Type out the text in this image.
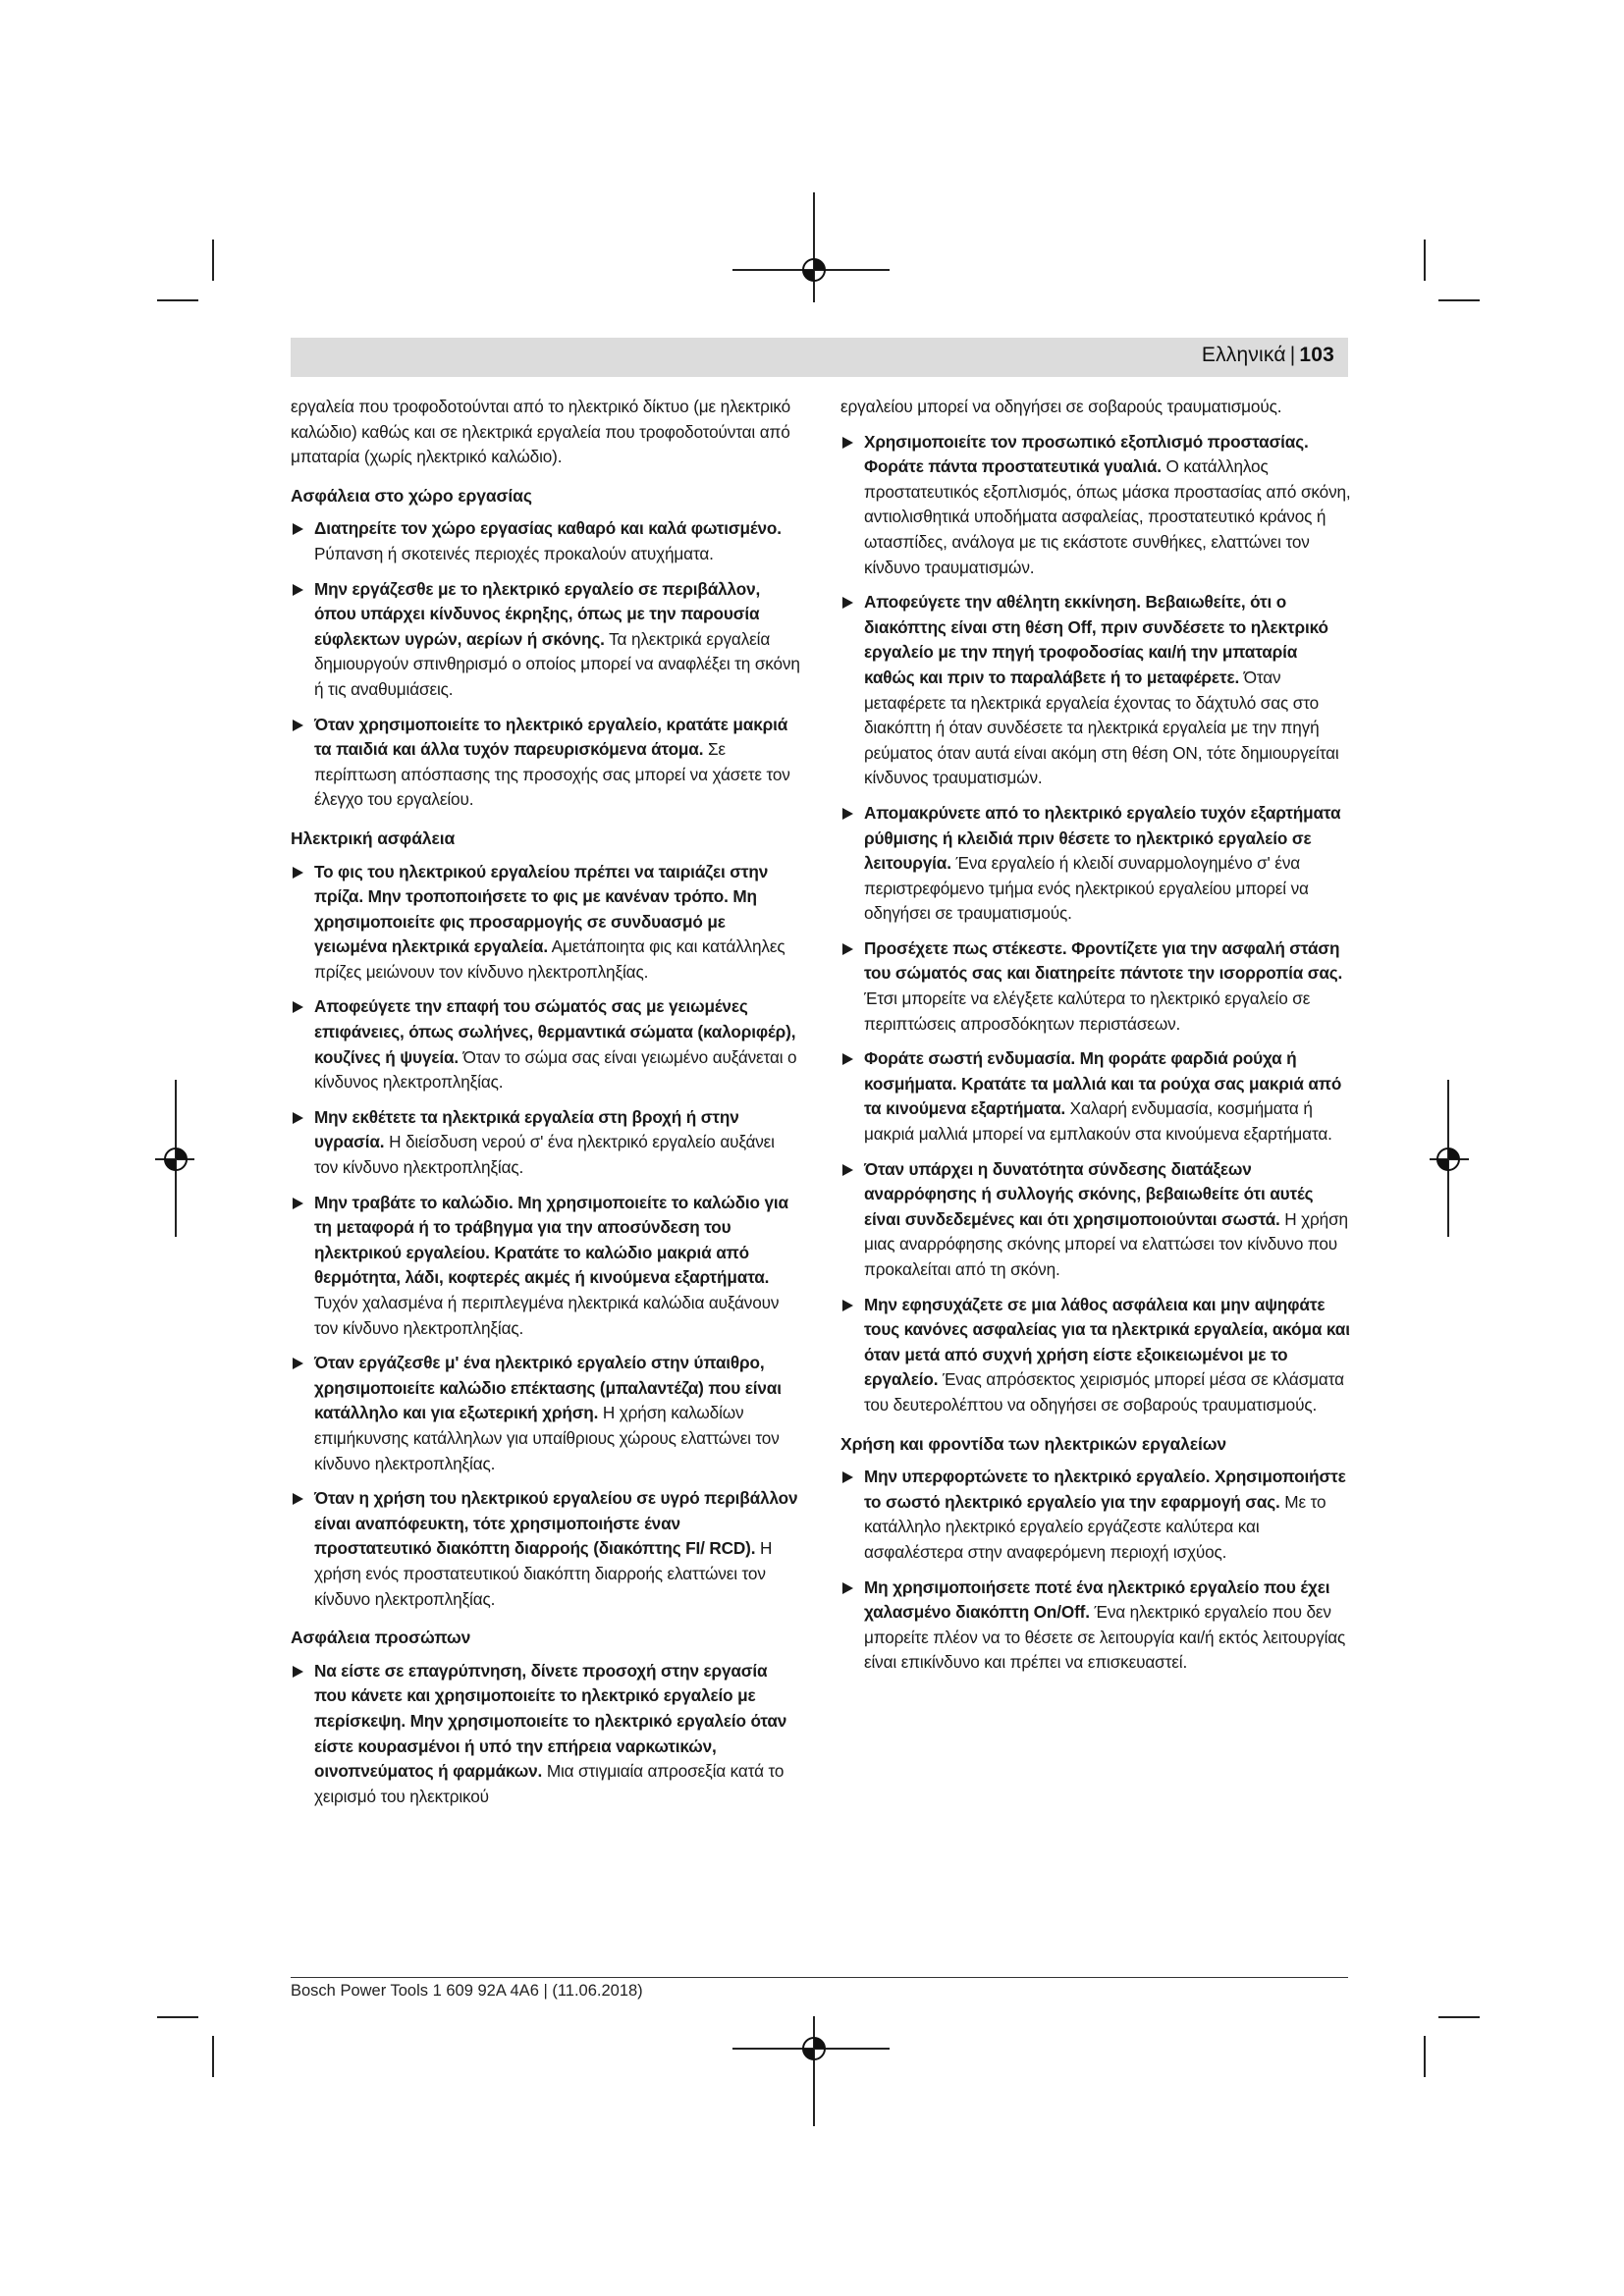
Ελληνικά | 103

εργαλεία που τροφοδοτούνται από το ηλεκτρικό δίκτυο (με ηλεκτρικό καλώδιο) καθώς και σε ηλεκτρικά εργαλεία που τροφοδοτούνται από μπαταρία (χωρίς ηλεκτρικό καλώδιο).

Ασφάλεια στο χώρο εργασίας
Διατηρείτε τον χώρο εργασίας καθαρό και καλά φωτισμένο. Ρύπανση ή σκοτεινές περιοχές προκαλούν ατυχήματα.
Μην εργάζεσθε με το ηλεκτρικό εργαλείο σε περιβάλλον, όπου υπάρχει κίνδυνος έκρηξης, όπως με την παρουσία εύφλεκτων υγρών, αερίων ή σκόνης. Τα ηλεκτρικά εργαλεία δημιουργούν σπινθηρισμό ο οποίος μπορεί να αναφλέξει τη σκόνη ή τις αναθυμιάσεις.
Όταν χρησιμοποιείτε το ηλεκτρικό εργαλείο, κρατάτε μακριά τα παιδιά και άλλα τυχόν παρευρισκόμενα άτομα. Σε περίπτωση απόσπασης της προσοχής σας μπορεί να χάσετε τον έλεγχο του εργαλείου.
Ηλεκτρική ασφάλεια
Το φις του ηλεκτρικού εργαλείου πρέπει να ταιριάζει στην πρίζα. Μην τροποποιήσετε το φις με κανέναν τρόπο. Μη χρησιμοποιείτε φις προσαρμογής σε συνδυασμό με γειωμένα ηλεκτρικά εργαλεία. Αμετάποιητα φις και κατάλληλες πρίζες μειώνουν τον κίνδυνο ηλεκτροπληξίας.
Αποφεύγετε την επαφή του σώματός σας με γειωμένες επιφάνειες, όπως σωλήνες, θερμαντικά σώματα (καλοριφέρ), κουζίνες ή ψυγεία. Όταν το σώμα σας είναι γειωμένο αυξάνεται ο κίνδυνος ηλεκτροπληξίας.
Μην εκθέτετε τα ηλεκτρικά εργαλεία στη βροχή ή στην υγρασία. Η διείσδυση νερού σ' ένα ηλεκτρικό εργαλείο αυξάνει τον κίνδυνο ηλεκτροπληξίας.
Μην τραβάτε το καλώδιο. Μη χρησιμοποιείτε το καλώδιο για τη μεταφορά ή το τράβηγμα για την αποσύνδεση του ηλεκτρικού εργαλείου. Κρατάτε το καλώδιο μακριά από θερμότητα, λάδι, κοφτερές ακμές ή κινούμενα εξαρτήματα. Τυχόν χαλασμένα ή περιπλεγμένα ηλεκτρικά καλώδια αυξάνουν τον κίνδυνο ηλεκτροπληξίας.
Όταν εργάζεσθε μ' ένα ηλεκτρικό εργαλείο στην ύπαιθρο, χρησιμοποιείτε καλώδιο επέκτασης (μπαλαντέζα) που είναι κατάλληλο και για εξωτερική χρήση. Η χρήση καλωδίων επιμήκυνσης κατάλληλων για υπαίθριους χώρους ελαττώνει τον κίνδυνο ηλεκτροπληξίας.
Όταν η χρήση του ηλεκτρικού εργαλείου σε υγρό περιβάλλον είναι αναπόφευκτη, τότε χρησιμοποιήστε έναν προστατευτικό διακόπτη διαρροής (διακόπτης FI/ RCD). Η χρήση ενός προστατευτικού διακόπτη διαρροής ελαττώνει τον κίνδυνο ηλεκτροπληξίας.
Ασφάλεια προσώπων
Να είστε σε επαγρύπνηση, δίνετε προσοχή στην εργασία που κάνετε και χρησιμοποιείτε το ηλεκτρικό εργαλείο με περίσκεψη. Μην χρησιμοποιείτε το ηλεκτρικό εργαλείο όταν είστε κουρασμένοι ή υπό την επήρεια ναρκωτικών, οινοπνεύματος ή φαρμάκων. Μια στιγμιαία απροσεξία κατά το χειρισμό του ηλεκτρικού

εργαλείου μπορεί να οδηγήσει σε σοβαρούς τραυματισμούς.

Χρησιμοποιείτε τον προσωπικό εξοπλισμό προστασίας. Φοράτε πάντα προστατευτικά γυαλιά. Ο κατάλληλος προστατευτικός εξοπλισμός, όπως μάσκα προστασίας από σκόνη, αντιολισθητικά υποδήματα ασφαλείας, προστατευτικό κράνος ή ωτασπίδες, ανάλογα με τις εκάστοτε συνθήκες, ελαττώνει τον κίνδυνο τραυματισμών.
Αποφεύγετε την αθέλητη εκκίνηση. Βεβαιωθείτε, ότι ο διακόπτης είναι στη θέση Off, πριν συνδέσετε το ηλεκτρικό εργαλείο με την πηγή τροφοδοσίας και/ή την μπαταρία καθώς και πριν το παραλάβετε ή το μεταφέρετε. Όταν μεταφέρετε τα ηλεκτρικά εργαλεία έχοντας το δάχτυλό σας στο διακόπτη ή όταν συνδέσετε τα ηλεκτρικά εργαλεία με την πηγή ρεύματος όταν αυτά είναι ακόμη στη θέση ON, τότε δημιουργείται κίνδυνος τραυματισμών.
Απομακρύνετε από το ηλεκτρικό εργαλείο τυχόν εξαρτήματα ρύθμισης ή κλειδιά πριν θέσετε το ηλεκτρικό εργαλείο σε λειτουργία. Ένα εργαλείο ή κλειδί συναρμολογημένο σ' ένα περιστρεφόμενο τμήμα ενός ηλεκτρικού εργαλείου μπορεί να οδηγήσει σε τραυματισμούς.
Προσέχετε πως στέκεστε. Φροντίζετε για την ασφαλή στάση του σώματός σας και διατηρείτε πάντοτε την ισορροπία σας. Έτσι μπορείτε να ελέγξετε καλύτερα το ηλεκτρικό εργαλείο σε περιπτώσεις απροσδόκητων περιστάσεων.
Φοράτε σωστή ενδυμασία. Μη φοράτε φαρδιά ρούχα ή κοσμήματα. Κρατάτε τα μαλλιά και τα ρούχα σας μακριά από τα κινούμενα εξαρτήματα. Χαλαρή ενδυμασία, κοσμήματα ή μακριά μαλλιά μπορεί να εμπλακούν στα κινούμενα εξαρτήματα.
Όταν υπάρχει η δυνατότητα σύνδεσης διατάξεων αναρρόφησης ή συλλογής σκόνης, βεβαιωθείτε ότι αυτές είναι συνδεδεμένες και ότι χρησιμοποιούνται σωστά. Η χρήση μιας αναρρόφησης σκόνης μπορεί να ελαττώσει τον κίνδυνο που προκαλείται από τη σκόνη.
Μην εφησυχάζετε σε μια λάθος ασφάλεια και μην αψηφάτε τους κανόνες ασφαλείας για τα ηλεκτρικά εργαλεία, ακόμα και όταν μετά από συχνή χρήση είστε εξοικειωμένοι με το εργαλείο. Ένας απρόσεκτος χειρισμός μπορεί μέσα σε κλάσματα του δευτερολέπτου να οδηγήσει σε σοβαρούς τραυματισμούς.
Χρήση και φροντίδα των ηλεκτρικών εργαλείων
Μην υπερφορτώνετε το ηλεκτρικό εργαλείο. Χρησιμοποιήστε το σωστό ηλεκτρικό εργαλείο για την εφαρμογή σας. Με το κατάλληλο ηλεκτρικό εργαλείο εργάζεστε καλύτερα και ασφαλέστερα στην αναφερόμενη περιοχή ισχύος.
Μη χρησιμοποιήσετε ποτέ ένα ηλεκτρικό εργαλείο που έχει χαλασμένο διακόπτη On/Off. Ένα ηλεκτρικό εργαλείο που δεν μπορείτε πλέον να το θέσετε σε λειτουργία και/ή εκτός λειτουργίας είναι επικίνδυνο και πρέπει να επισκευαστεί.
Bosch Power Tools 1 609 92A 4A6 | (11.06.2018)
